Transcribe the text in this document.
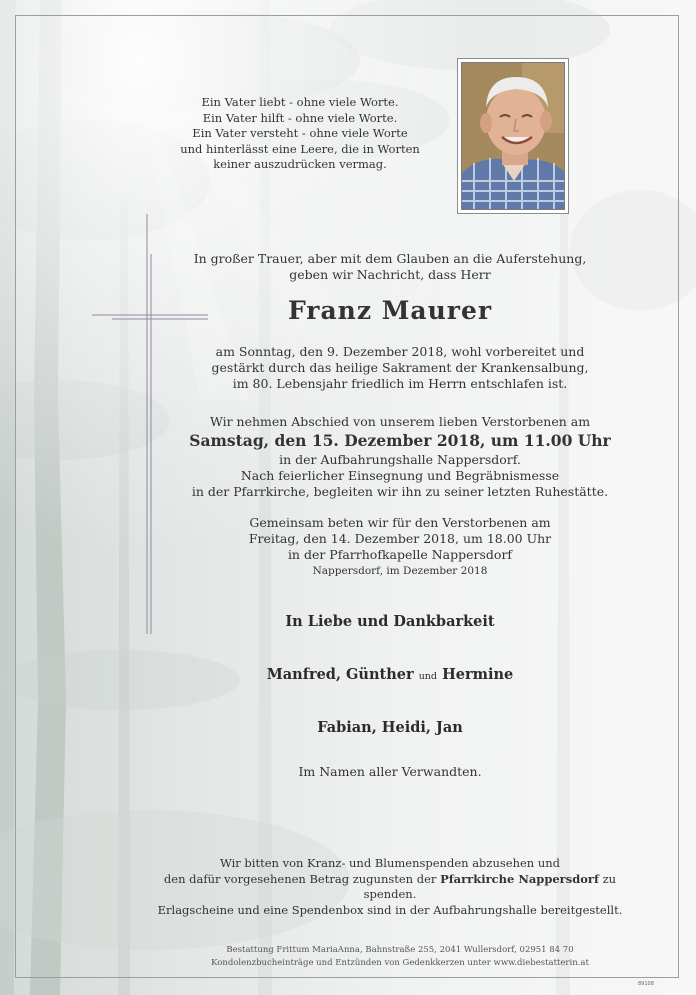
Ein Vater liebt - ohne viele Worte.
Ein Vater hilft - ohne viele Worte.
Ein Vater versteht - ohne viele Worte
und hinterlässt eine Leere, die in Worten
keiner auszudrücken vermag.
In großer Trauer, aber mit dem Glauben an die Auferstehung,
geben wir Nachricht, dass Herr
Franz Maurer
am Sonntag, den 9. Dezember 2018, wohl vorbereitet und
gestärkt durch das heilige Sakrament der Krankensalbung,
im 80. Lebensjahr friedlich im Herrn entschlafen ist.
Wir nehmen Abschied von unserem lieben Verstorbenen am
Samstag, den 15. Dezember 2018, um 11.00 Uhr
in der Aufbahrungshalle Nappersdorf.
Nach feierlicher Einsegnung und Begräbnismesse
in der Pfarrkirche, begleiten wir ihn zu seiner letzten Ruhestätte.
Gemeinsam beten wir für den Verstorbenen am
Freitag, den 14. Dezember 2018, um 18.00 Uhr
in der Pfarrhofkapelle Nappersdorf
Nappersdorf, im Dezember 2018
In Liebe und Dankbarkeit
Manfred, Günther und Hermine
Fabian, Heidi, Jan
Im Namen aller Verwandten.
Wir bitten von Kranz- und Blumenspenden abzusehen und
den dafür vorgesehenen Betrag zugunsten der Pfarrkirche Nappersdorf zu spenden.
Erlagscheine und eine Spendenbox sind in der Aufbahrungshalle bereitgestellt.
Bestattung Frittum MariaAnna, Bahnstraße 255, 2041 Wullersdorf, 02951 84 70
Kondolenzbucheinträge und Entzünden von Gedenkkerzen unter www.diebestatterin.at
89108
